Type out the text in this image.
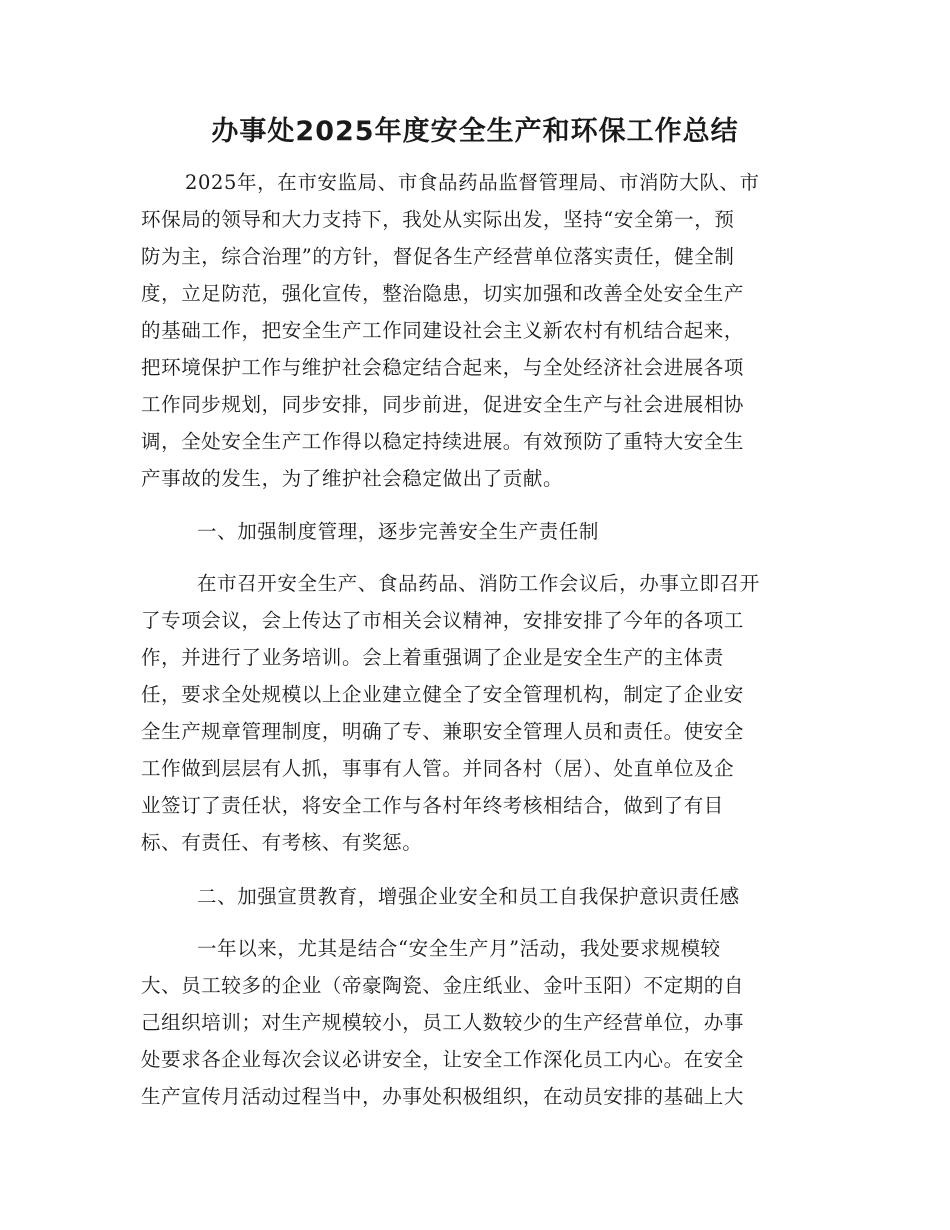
办事处2025年度安全生产和环保工作总结
2025年，在市安监局、市食品药品监督管理局、市消防大队、市
环保局的领导和大力支持下，我处从实际出发，坚持“安全第一，预
防为主，综合治理”的方针，督促各生产经营单位落实责任，健全制
度，立足防范，强化宣传，整治隐患，切实加强和改善全处安全生产
的基础工作，把安全生产工作同建设社会主义新农村有机结合起来，
把环境保护工作与维护社会稳定结合起来，与全处经济社会进展各项
工作同步规划，同步安排，同步前进，促进安全生产与社会进展相协
调，全处安全生产工作得以稳定持续进展。有效预防了重特大安全生
产事故的发生，为了维护社会稳定做出了贡献。
一、加强制度管理，逐步完善安全生产责任制
在市召开安全生产、食品药品、消防工作会议后，办事立即召开
了专项会议，会上传达了市相关会议精神，安排安排了今年的各项工
作，并进行了业务培训。会上着重强调了企业是安全生产的主体责
任，要求全处规模以上企业建立健全了安全管理机构，制定了企业安
全生产规章管理制度，明确了专、兼职安全管理人员和责任。使安全
工作做到层层有人抓，事事有人管。并同各村（居）、处直单位及企
业签订了责任状，将安全工作与各村年终考核相结合，做到了有目
标、有责任、有考核、有奖惩。
二、加强宣贯教育，增强企业安全和员工自我保护意识责任感
一年以来，尤其是结合“安全生产月”活动，我处要求规模较
大、员工较多的企业（帝豪陶瓷、金庄纸业、金叶玉阳）不定期的自
己组织培训；对生产规模较小，员工人数较少的生产经营单位，办事
处要求各企业每次会议必讲安全，让安全工作深化员工内心。在安全
生产宣传月活动过程当中，办事处积极组织，在动员安排的基础上大
